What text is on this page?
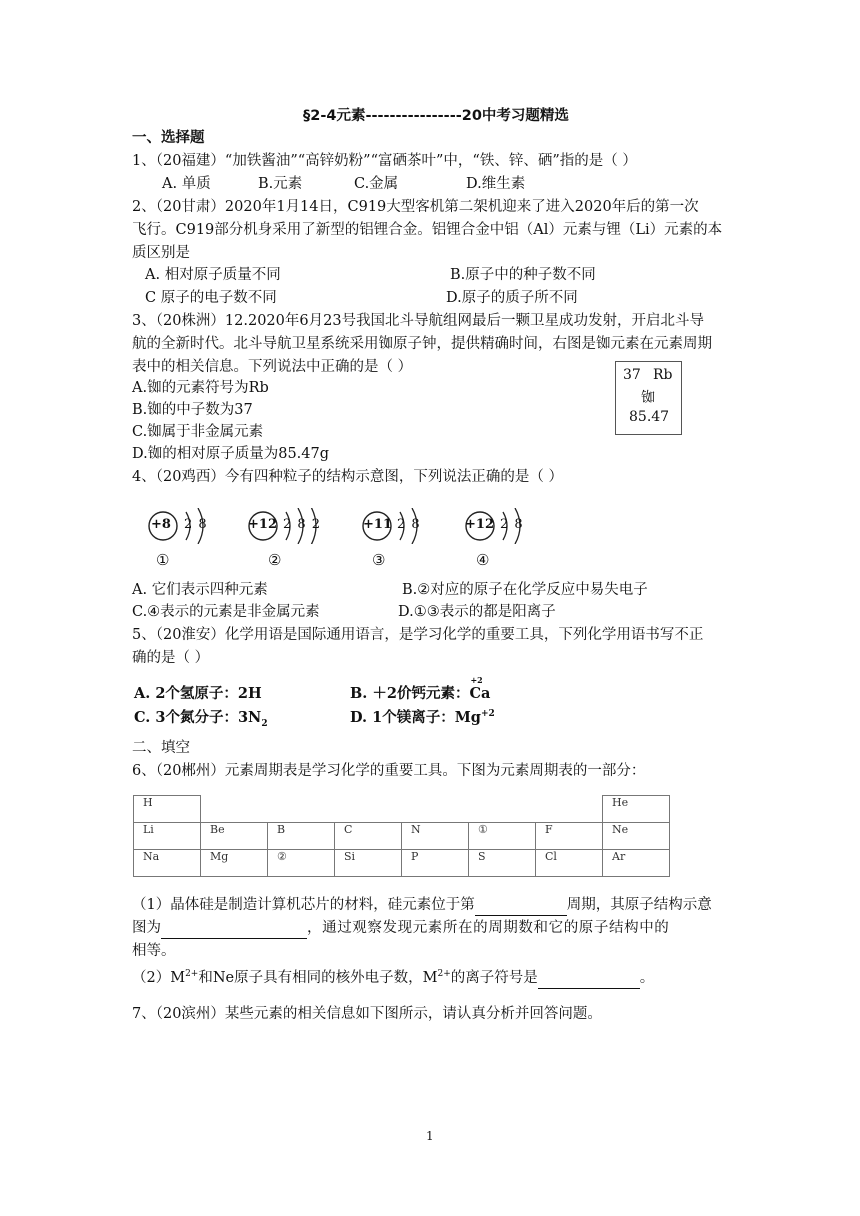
§2-4元素----------------20中考习题精选
一、选择题
1、（20福建）“加铁酱油”“高锌奶粉”“富硒茶叶”中，“铁、锌、硒”指的是（ ）
A. 单质	B.元素	C.金属	D.维生素
2、（20甘肃）2020年1月14日，C919大型客机第二架机迎来了进入2020年后的第一次
飞行。C919部分机身采用了新型的铝锂合金。铝锂合金中铝（Al）元素与锂（Li）元素的本
质区别是
A. 相对原子质量不同	B.原子中的种子数不同
C 原子的电子数不同	D.原子的质子所不同
3、（20株洲）12.2020年6月23号我国北斗导航组网最后一颗卫星成功发射，开启北斗导
航的全新时代。北斗导航卫星系统采用铷原子钟，提供精确时间，右图是铷元素在元素周期
表中的相关信息。下列说法中正确的是（ ）
A.铷的元素符号为Rb
B.铷的中子数为37
C.铷属于非金属元素
D.铷的相对原子质量为85.47g
37 Rb
铷
85.47
4、（20鸡西）今有四种粒子的结构示意图，下列说法正确的是（ ）
+8 2 8
①
+12 2 8 2
②
+11 2 8
③
+12 2 8
④
A. 它们表示四种元素	B.②对应的原子在化学反应中易失电子
C.④表示的元素是非金属元素	D.①③表示的都是阳离子
5、（20淮安）化学用语是国际通用语言，是学习化学的重要工具，下列化学用语书写不正
确的是（ ）
A. 2个氢原子：2H	B. ＋2价钙元素：
+2
Ca
C. 3个氮分子：$3N_2$	D. 1个镁离子：$Mg^{+2}$
二、填空
6、（20郴州）元素周期表是学习化学的重要工具。下图为元素周期表的一部分：
H							He
Li	Be	B	C	N	①	F	Ne
Na	Mg	②	Si	P	S	Cl	Ar
（1）晶体硅是制造计算机芯片的材料，硅元素位于第	周期，其原子结构示意
图为	，通过观察发现元素所在的周期数和它的原子结构中的
相等。
$(2)M^{2+}$和Ne原子具有相同的核外电子数，$M^{2+}$的离子符号是	。
7、（20滨州）某些元素的相关信息如下图所示，请认真分析并回答问题。
1
